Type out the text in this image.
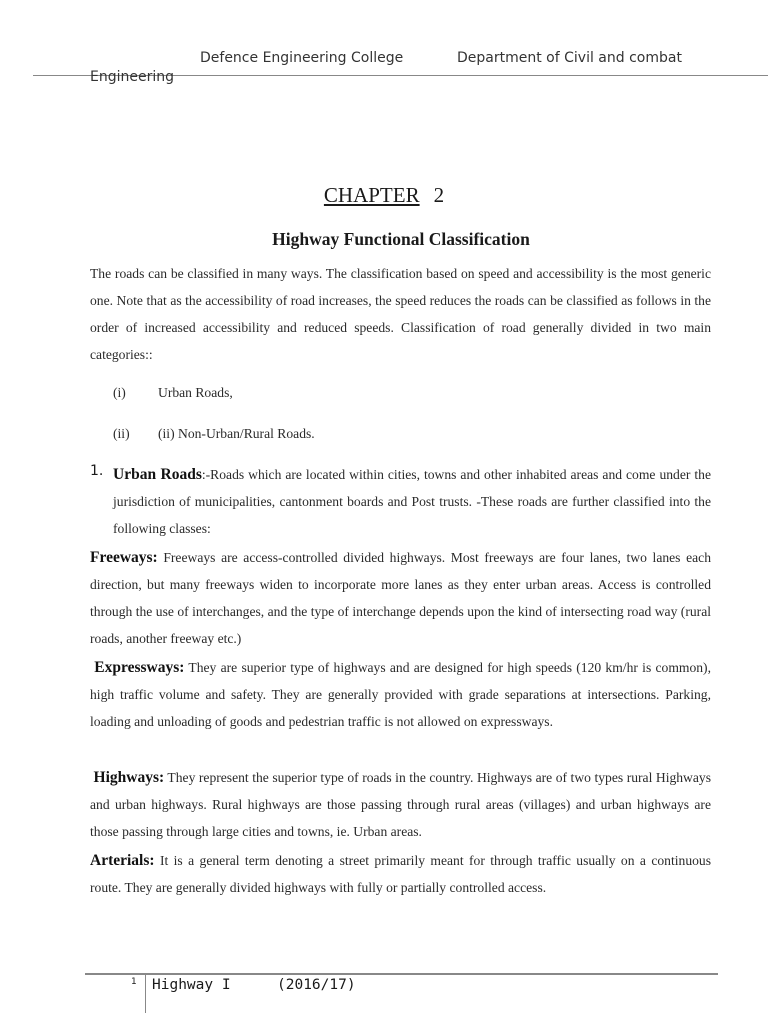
Defence Engineering College	Department of Civil and combat
Engineering
CHAPTER 2
Highway Functional Classification

The roads can be classified in many ways. The classification based on speed and accessibility is the most generic one. Note that as the accessibility of road increases, the speed reduces the roads can be classified as follows in the order of increased accessibility and reduced speeds. Classification of road generally divided in two main categories::

(i) Urban Roads,
(ii) (ii) Non-Urban/Rural Roads.
1. Urban Roads:-Roads which are located within cities, towns and other inhabited areas and come under the jurisdiction of municipalities, cantonment boards and Post trusts. -These roads are further classified into the following classes:

Freeways: Freeways are access-controlled divided highways. Most freeways are four lanes, two lanes each direction, but many freeways widen to incorporate more lanes as they enter urban areas. Access is controlled through the use of interchanges, and the type of interchange depends upon the kind of intersecting road way (rural roads, another freeway etc.)

Expressways: They are superior type of highways and are designed for high speeds (120 km/hr is common), high traffic volume and safety. They are generally provided with grade separations at intersections. Parking, loading and unloading of goods and pedestrian traffic is not allowed on expressways.

Highways: They represent the superior type of roads in the country. Highways are of two types rural Highways and urban highways. Rural highways are those passing through rural areas (villages) and urban highways are those passing through large cities and towns, ie. Urban areas.

Arterials: It is a general term denoting a street primarily meant for through traffic usually on a continuous route. They are generally divided highways with fully or partially controlled access.

1 Highway I	(2016/17)
